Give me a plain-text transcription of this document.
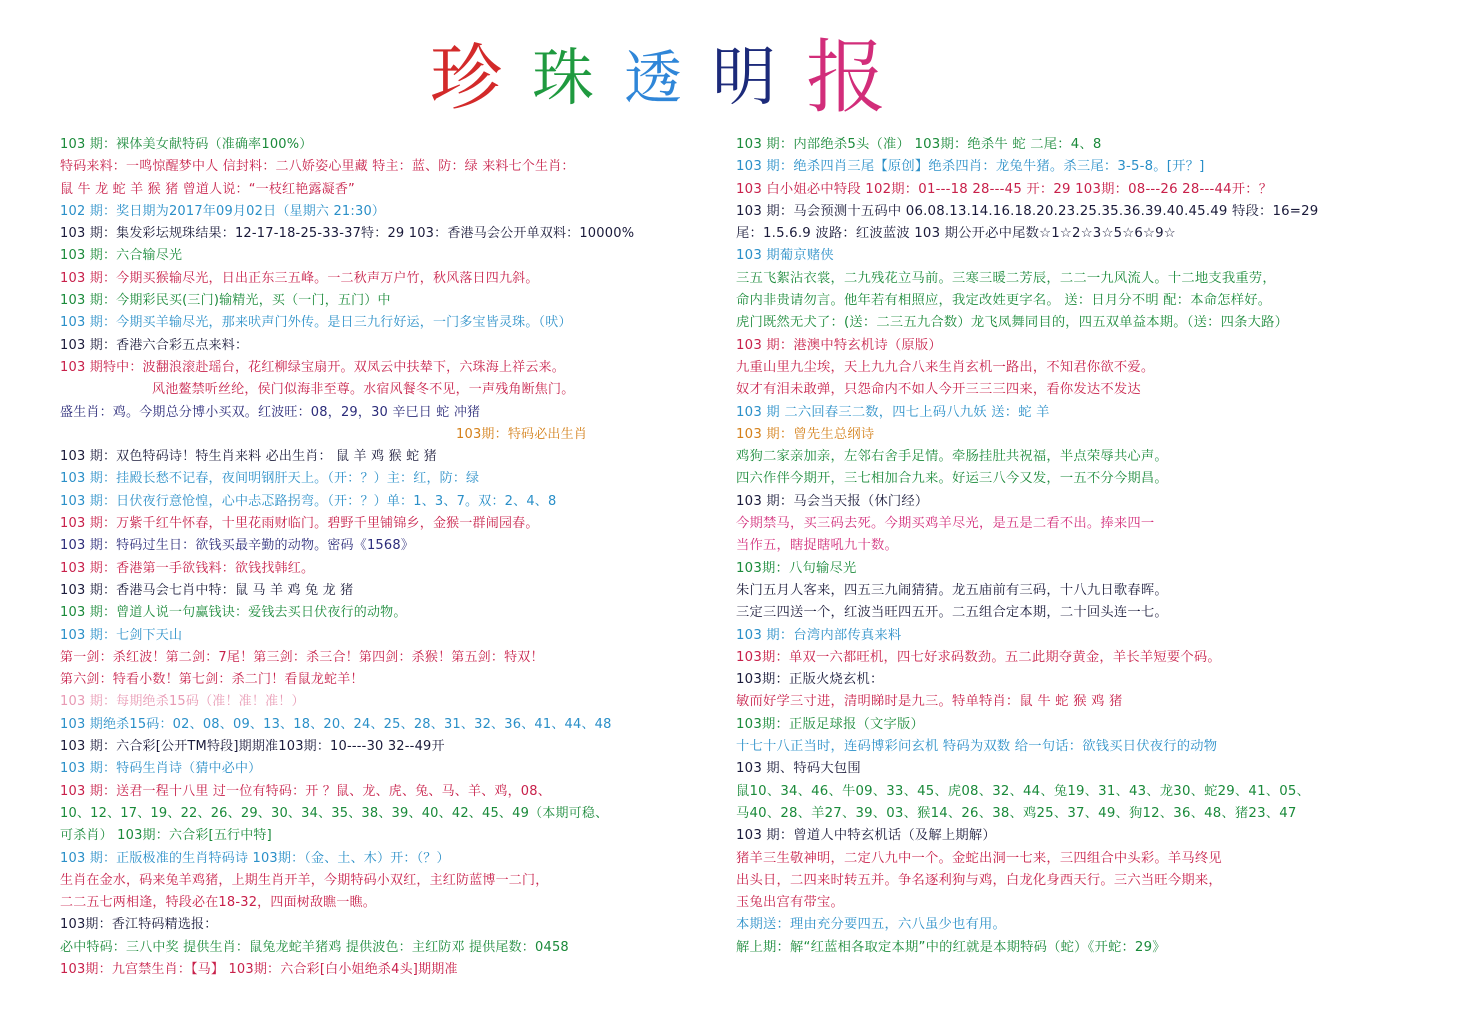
珍 珠 透 明 报
103 期：裸体美女献特码（准确率100%）
特码来料：一鸣惊醒梦中人 信封料：二八娇姿心里藏 特主：蓝、防：绿 来料七个生肖：
鼠 牛 龙 蛇 羊 猴 猪 曾道人说：“一枝红艳露凝香”
102 期：奖日期为2017年09月02日（星期六 21:30）
103 期：集发彩坛规珠结果：12-17-18-25-33-37特：29 103：香港马会公开单双料：10000%
103 期：六合输尽光
103 期：今期买猴输尽光，日出正东三五峰。一二秋声万户竹，秋风落日四九斜。
103 期：今期彩民买(三门)输精光，买（一门，五门）中
103 期：今期买羊输尽光，那来吠声门外传。是日三九行好运，一门多宝皆灵珠。（吠）
103 期：香港六合彩五点来料：
103 期特中：波翻浪滚赴瑶台，花红柳绿宝扇开。双凤云中扶辇下，六珠海上祥云来。
风池鳌禁听丝纶，侯门似海非至尊。水宿风餐冬不见，一声残角断焦门。
盛生肖：鸡。今期总分博小买双。红波旺：08，29，30 辛巳日 蛇 冲猪
103期：特码必出生肖
103 期：双色特码诗！特生肖来料 必出生肖： 鼠 羊 鸡 猴 蛇 猪
103 期：挂殿长愁不记春，夜间明钢肝天上。（开：？）主：红，防：绿
103 期：日伏夜行意怆惶，心中忐忑路拐弯。（开：？）单：1、3、7。双：2、4、8
103 期：万紫千红牛怀春，十里花雨财临门。碧野千里铺锦乡，金猴一群闹园春。
103 期：特码过生日：欲钱买最辛勤的动物。密码《1568》
103 期：香港第一手欲钱料：欲钱找韩红。
103 期：香港马会七肖中特：鼠 马 羊 鸡 兔 龙 猪
103 期：曾道人说一句赢钱诀：爱钱去买日伏夜行的动物。
103 期：七剑下天山
第一剑：杀红波！第二剑：7尾！第三剑：杀三合！第四剑：杀猴！第五剑：特双！
第六剑：特看小数！第七剑：杀二门！看鼠龙蛇羊！
103 期：每期绝杀15码（准！准！准！）
103 期绝杀15码：02、08、09、13、18、20、24、25、28、31、32、36、41、44、48
103 期：六合彩[公开TM特段]期期准103期：10----30 32--49开
103 期：特码生肖诗（猜中必中）
103 期：送君一程十八里 过一位有特码：开 ？鼠、龙、虎、兔、马、羊、鸡，08、
10、12、17、19、22、26、29、30、34、35、38、39、40、42、45、49（本期可稳、
可杀肖） 103期：六合彩[五行中特]
103 期：正版极准的生肖特码诗 103期：（金、土、木）开：（？）
生肖在金水，码来兔羊鸡猪，上期生肖开羊，今期特码小双红，主红防蓝博一二门，
二二五七两相逢，特段必在18-32，四面树敌瞧一瞧。
103期：香江特码精选报：
必中特码：三八中奖 提供生肖：鼠兔龙蛇羊猪鸡 提供波色：主红防邓 提供尾数：0458
103期：九宫禁生肖：【马】 103期：六合彩[白小姐绝杀4头]期期准
103 期：内部绝杀5头（准） 103期：绝杀牛 蛇 二尾：4、8
103 期：绝杀四肖三尾【原创】绝杀四肖：龙兔牛猪。杀三尾：3-5-8。[开？]
103 白小姐必中特段 102期：01---18 28---45 开：29 103期：08---26 28---44开：？
103 期：马会预测十五码中 06.08.13.14.16.18.20.23.25.35.36.39.40.45.49 特段：16=29
尾：1.5.6.9 波路：红波蓝波 103 期公开必中尾数☆1☆2☆3☆5☆6☆9☆
103 期葡京赌侠
三五飞絮沾衣裳，二九残花立马前。三寒三暖二芳辰，二二一九风流人。十二地支我重劳，
命内非贵请勿言。他年若有相照应，我定改姓更字名。 送：日月分不明 配：本命怎样好。
虎门既然无犬了：(送：二三五九合数）龙飞凤舞同目的，四五双单益本期。（送：四条大路）
103 期：港澳中特玄机诗（原版）
九重山里九尘埃，天上九九合八来生肖玄机一路出，不知君你欲不爱。
奴才有泪未敢弹，只怨命内不如人今开三三三四来，看你发达不发达
103 期 二六回春三二数，四七上码八九妖 送：蛇 羊
103 期：曾先生总纲诗
鸡狗二家亲加亲，左邻右舍手足情。牵肠挂肚共祝福，半点荣辱共心声。
四六作伴今期开，三七相加合九来。好运三八今又发，一五不分今期昌。
103 期：马会当天报（休门经）
今期禁马，买三码去死。今期买鸡羊尽光，是五是二看不出。捧来四一
当作五，瞎捉瞎吼九十数。
103期：八句输尽光
朱门五月人客来，四五三九闹猜猜。龙五庙前有三码，十八九日歌春晖。
三定三四送一个，红波当旺四五开。二五组合定本期，二十回头连一七。
103 期：台湾内部传真来料
103期：单双一六都旺机，四七好求码数劲。五二此期夺黄金，羊长羊短要个码。
103期：正版火烧玄机：
敏而好学三寸进，清明睇时是九三。特单特肖：鼠 牛 蛇 猴 鸡 猪
103期：正版足球报（文字版）
十七十八正当时，连码博彩问玄机 特码为双数 给一句话：欲钱买日伏夜行的动物
103 期、特码大包围
鼠10、34、46、牛09、33、45、虎08、32、44、兔19、31、43、龙30、蛇29、41、05、
马40、28、羊27、39、03、猴14、26、38、鸡25、37、49、狗12、36、48、猪23、47
103 期：曾道人中特玄机话（及解上期解）
猪羊三生敬神明，二定八九中一个。金蛇出洞一七来，三四组合中头彩。羊马终见
出头日，二四来时转五并。争名逐利狗与鸡，白龙化身西天行。三六当旺今期来，
玉兔出宫有带宝。
本期送：理由充分要四五，六八虽少也有用。
解上期：解“红蓝相各取定本期”中的红就是本期特码（蛇）《开蛇：29》
